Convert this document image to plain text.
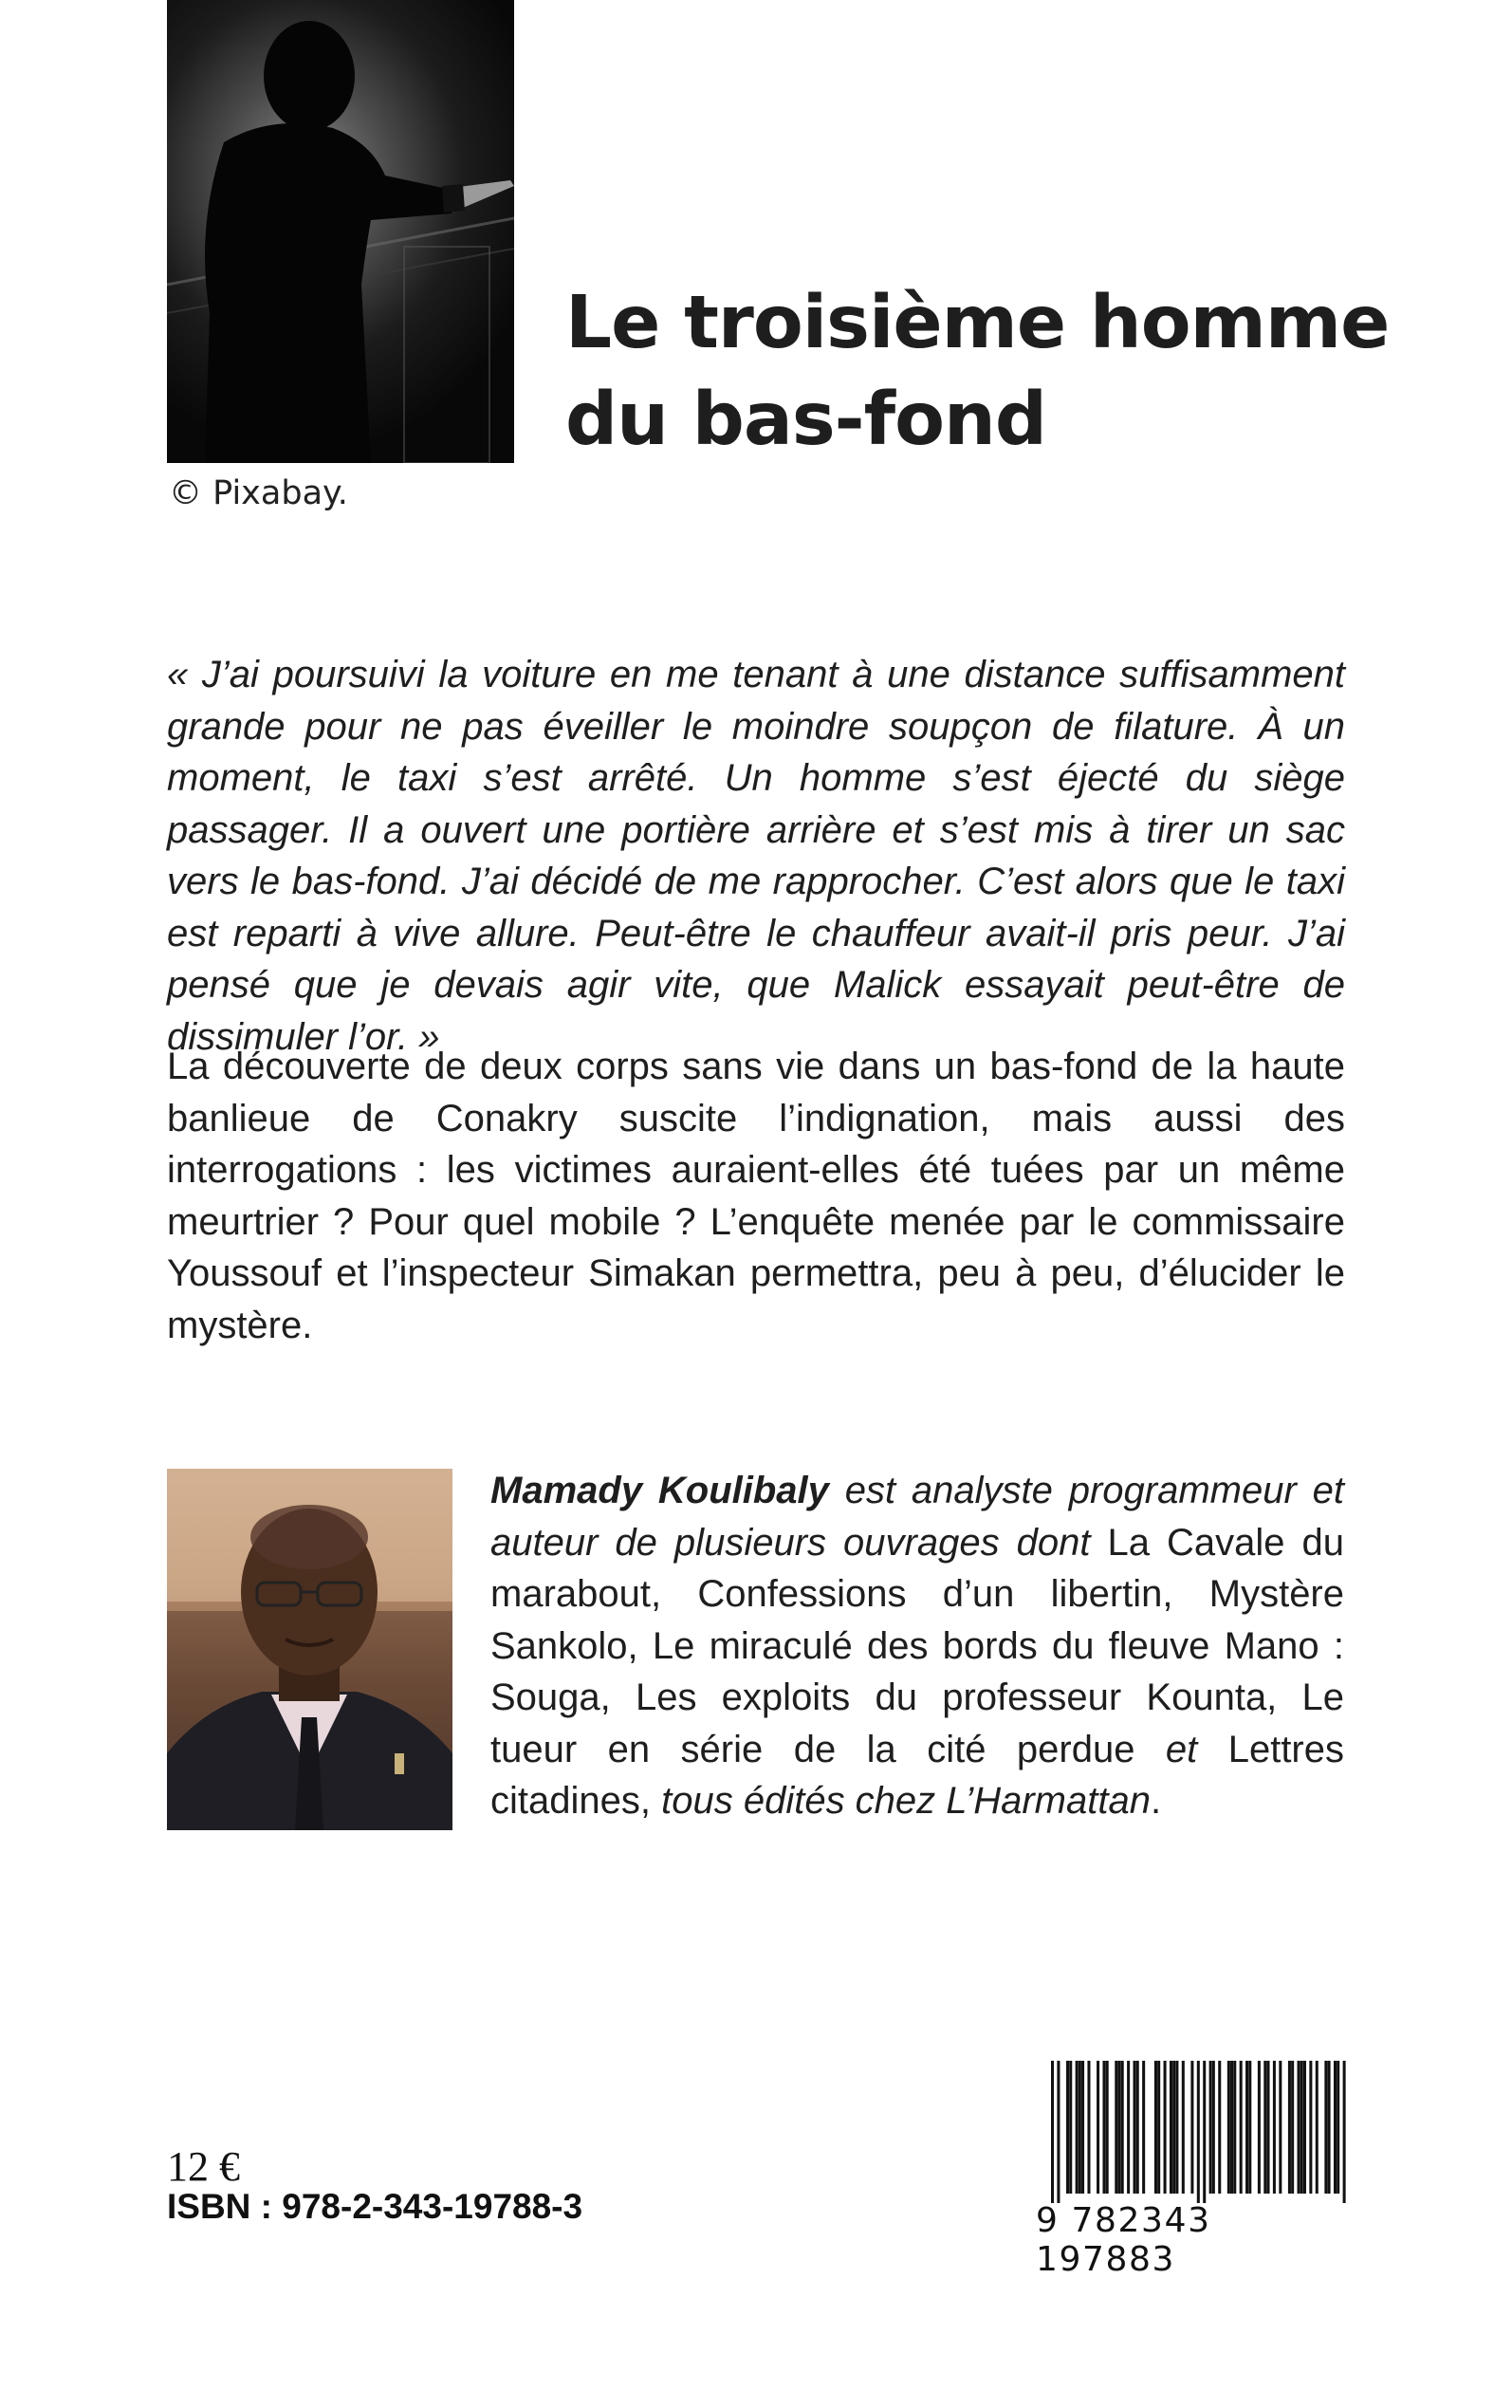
© Pixabay.
Le troisième homme
du bas-fond
« J’ai poursuivi la voiture en me tenant à une distance suffisamment grande pour ne pas éveiller le moindre soupçon de filature. À un moment, le taxi s’est arrêté. Un homme s’est éjecté du siège passager. Il a ouvert une portière arrière et s’est mis à tirer un sac vers le bas-fond. J’ai décidé de me rapprocher. C’est alors que le taxi est reparti à vive allure. Peut-être le chauffeur avait-il pris peur. J’ai pensé que je devais agir vite, que Malick essayait peut-être de dissimuler l’or. »
La découverte de deux corps sans vie dans un bas-fond de la haute banlieue de Conakry suscite l’indignation, mais aussi des interrogations : les victimes auraient-elles été tuées par un même meurtrier ? Pour quel mobile ? L’enquête menée par le commissaire Youssouf et l’inspecteur Simakan permettra, peu à peu, d’élucider le mystère.
Mamady Koulibaly est analyste programmeur et auteur de plusieurs ouvrages dont La Cavale du marabout, Confessions d’un libertin, Mystère Sankolo, Le miraculé des bords du fleuve Mano : Souga, Les exploits du professeur Kounta, Le tueur en série de la cité perdue et Lettres citadines, tous édités chez L’Harmattan.
12 €
ISBN : 978-2-343-19788-3	9 782343 197883
